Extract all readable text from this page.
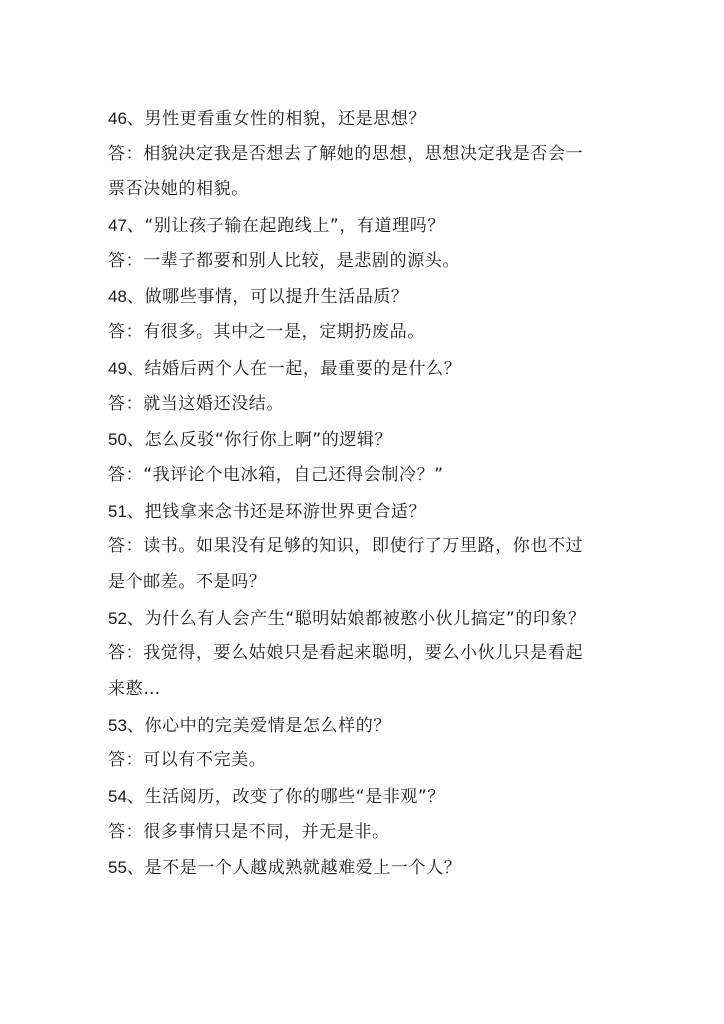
46、男性更看重女性的相貌，还是思想？
答：相貌决定我是否想去了解她的思想，思想决定我是否会一
票否决她的相貌。
47、“别让孩子输在起跑线上”，有道理吗？
答：一辈子都要和别人比较，是悲剧的源头。
48、做哪些事情，可以提升生活品质？
答：有很多。其中之一是，定期扔废品。
49、结婚后两个人在一起，最重要的是什么？
答：就当这婚还没结。
50、怎么反驳“你行你上啊”的逻辑？
答：“我评论个电冰箱，自己还得会制冷？”
51、把钱拿来念书还是环游世界更合适？
答：读书。如果没有足够的知识，即使行了万里路，你也不过
是个邮差。不是吗？
52、为什么有人会产生“聪明姑娘都被憨小伙儿搞定”的印象？
答：我觉得，要么姑娘只是看起来聪明，要么小伙儿只是看起
来憨…
53、你心中的完美爱情是怎么样的？
答：可以有不完美。
54、生活阅历，改变了你的哪些“是非观”？
答：很多事情只是不同，并无是非。
55、是不是一个人越成熟就越难爱上一个人？
